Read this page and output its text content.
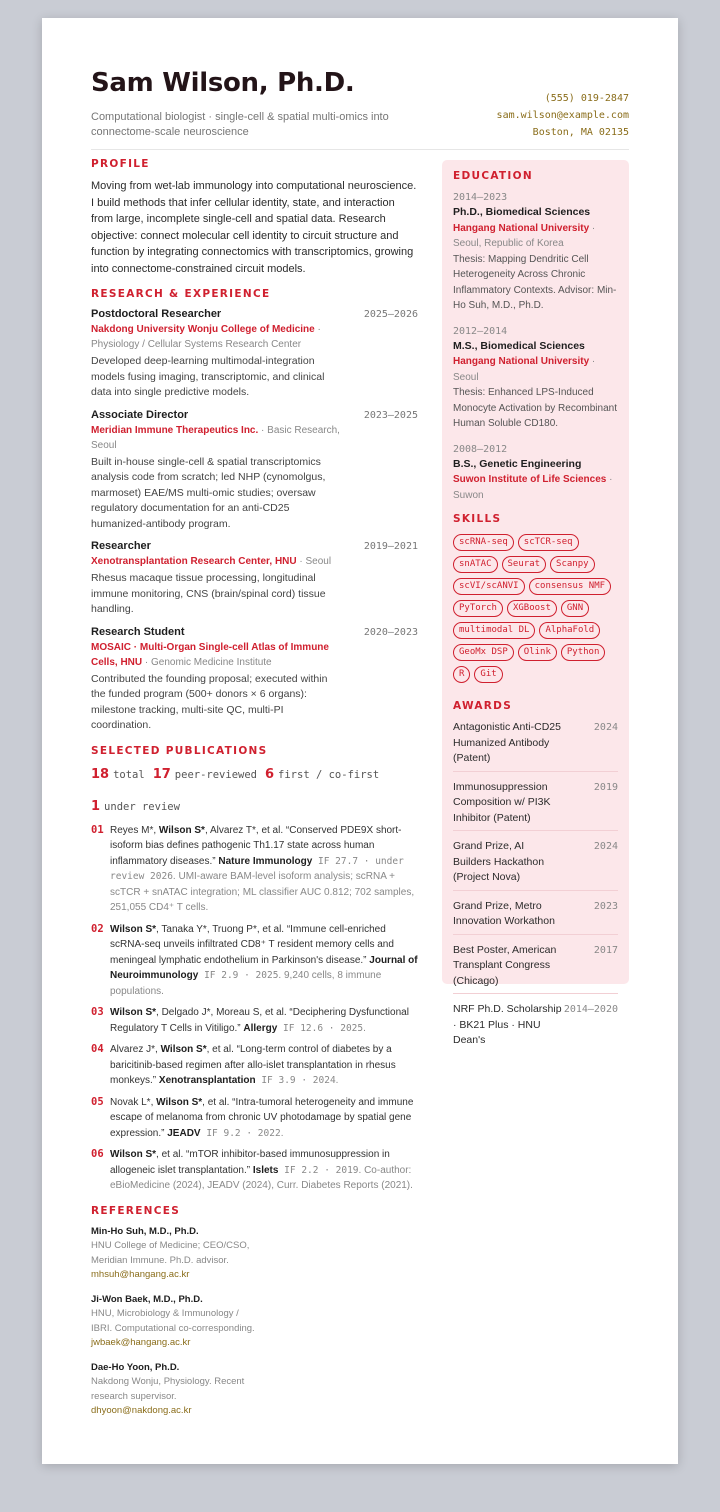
Sam Wilson, Ph.D.
Computational biologist · single-cell & spatial multi-omics into connectome-scale neuroscience
(555) 019-2847
sam.wilson@example.com
Boston, MA 02135
PROFILE
Moving from wet-lab immunology into computational neuroscience. I build methods that infer cellular identity, state, and interaction from large, incomplete single-cell and spatial data. Research objective: connect molecular cell identity to circuit structure and function by integrating connectomics with transcriptomics, growing into connectome-constrained circuit models.
RESEARCH & EXPERIENCE
Postdoctoral Researcher	2025–2026
Nakdong University Wonju College of Medicine · Physiology / Cellular Systems Research Center
Developed deep-learning multimodal-integration models fusing imaging, transcriptomic, and clinical data into single predictive models.
Associate Director	2023–2025
Meridian Immune Therapeutics Inc. · Basic Research, Seoul
Built in-house single-cell & spatial transcriptomics analysis code from scratch; led NHP (cynomolgus, marmoset) EAE/MS multi-omic studies; oversaw regulatory documentation for an anti-CD25 humanized-antibody program.
Researcher	2019–2021
Xenotransplantation Research Center, HNU · Seoul
Rhesus macaque tissue processing, longitudinal immune monitoring, CNS (brain/spinal cord) tissue handling.
Research Student	2020–2023
MOSAIC · Multi-Organ Single-cell Atlas of Immune Cells, HNU · Genomic Medicine Institute
Contributed the founding proposal; executed within the funded program (500+ donors × 6 organs): milestone tracking, multi-site QC, multi-PI coordination.
SELECTED PUBLICATIONS
18 total 17 peer-reviewed 6 first / co-first
1 under review
01 Reyes M*, Wilson S*, Alvarez T*, et al. “Conserved PDE9X short-isoform bias defines pathogenic Th1.17 state across human inflammatory diseases.” Nature Immunology IF 27.7 · under review 2026. UMI-aware BAM-level isoform analysis; scRNA + scTCR + snATAC integration; ML classifier AUC 0.812; 702 samples, 251,055 CD4⁺ T cells.
02 Wilson S*, Tanaka Y*, Truong P*, et al. “Immune cell-enriched scRNA-seq unveils infiltrated CD8⁺ T resident memory cells and meningeal lymphatic endothelium in Parkinson's disease.” Journal of Neuroimmunology IF 2.9 · 2025. 9,240 cells, 8 immune populations.
03 Wilson S*, Delgado J*, Moreau S, et al. “Deciphering Dysfunctional Regulatory T Cells in Vitiligo.” Allergy IF 12.6 · 2025.
04 Alvarez J*, Wilson S*, et al. “Long-term control of diabetes by a baricitinib-based regimen after allo-islet transplantation in rhesus monkeys.” Xenotransplantation IF 3.9 · 2024.
05 Novak L*, Wilson S*, et al. “Intra-tumoral heterogeneity and immune escape of melanoma from chronic UV photodamage by spatial gene expression.” JEADV IF 9.2 · 2022.
06 Wilson S*, et al. “mTOR inhibitor-based immunosuppression in allogeneic islet transplantation.” Islets IF 2.2 · 2019. Co-author: eBioMedicine (2024), JEADV (2024), Curr. Diabetes Reports (2021).
REFERENCES
Min-Ho Suh, M.D., Ph.D.
HNU College of Medicine; CEO/CSO, Meridian Immune. Ph.D. advisor.
mhsuh@hangang.ac.kr
Ji-Won Baek, M.D., Ph.D.
HNU, Microbiology & Immunology / IBRI. Computational co-corresponding.
jwbaek@hangang.ac.kr
Dae-Ho Yoon, Ph.D.
Nakdong Wonju, Physiology. Recent research supervisor.
dhyoon@nakdong.ac.kr
EDUCATION
2014–2023
Ph.D., Biomedical Sciences
Hangang National University · Seoul, Republic of Korea
Thesis: Mapping Dendritic Cell Heterogeneity Across Chronic Inflammatory Contexts. Advisor: Min-Ho Suh, M.D., Ph.D.
2012–2014
M.S., Biomedical Sciences
Hangang National University · Seoul
Thesis: Enhanced LPS-Induced Monocyte Activation by Recombinant Human Soluble CD180.
2008–2012
B.S., Genetic Engineering
Suwon Institute of Life Sciences · Suwon
SKILLS
scRNA-seq	scTCR-seq
snATAC	Seurat	Scanpy
scVI/scANVI	consensus NMF
PyTorch	XGBoost	GNN
multimodal DL	AlphaFold
GeoMx DSP	Olink	Python
R	Git
AWARDS
Antagonistic Anti-CD25 Humanized Antibody (Patent)
2024
Immunosuppression Composition w/ PI3K Inhibitor (Patent)
2019
Grand Prize, AI Builders Hackathon (Project Nova)
2024
Grand Prize, Metro Innovation Workathon
2023
Best Poster, American Transplant Congress (Chicago)
2017
NRF Ph.D. Scholarship · BK21 Plus · HNU Dean's
2014–2020
